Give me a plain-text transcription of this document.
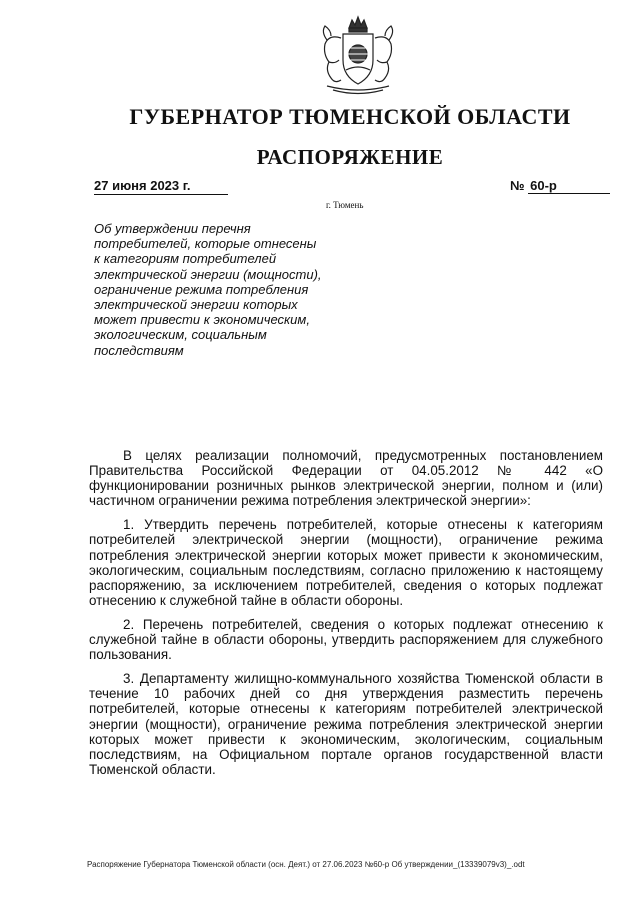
ГУБЕРНАТОР ТЮМЕНСКОЙ ОБЛАСТИ
РАСПОРЯЖЕНИЕ
27 июня 2023 г.	№ 60-р
г. Тюмень
Об утверждении перечня потребителей, которые отнесены к категориям потребителей электрической энергии (мощности), ограничение режима потребления электрической энергии которых может привести к экономическим, экологическим, социальным последствиям

В целях реализации полномочий, предусмотренных постановлением Правительства Российской Федерации от 04.05.2012 № 442 «О функционировании розничных рынков электрической энергии, полном и (или) частичном ограничении режима потребления электрической энергии»:

1. Утвердить перечень потребителей, которые отнесены к категориям потребителей электрической энергии (мощности), ограничение режима потребления электрической энергии которых может привести к экономическим, экологическим, социальным последствиям, согласно приложению к настоящему распоряжению, за исключением потребителей, сведения о которых подлежат отнесению к служебной тайне в области обороны.

2. Перечень потребителей, сведения о которых подлежат отнесению к служебной тайне в области обороны, утвердить распоряжением для служебного пользования.

3. Департаменту жилищно-коммунального хозяйства Тюменской области в течение 10 рабочих дней со дня утверждения разместить перечень потребителей, которые отнесены к категориям потребителей электрической энергии (мощности), ограничение режима потребления электрической энергии которых может привести к экономическим, экологическим, социальным последствиям, на Официальном портале органов государственной власти Тюменской области.

Распоряжение Губернатора Тюменской области (осн. Деят.) от 27.06.2023 №60-р Об утверждении_(13339079v3)_.odt
